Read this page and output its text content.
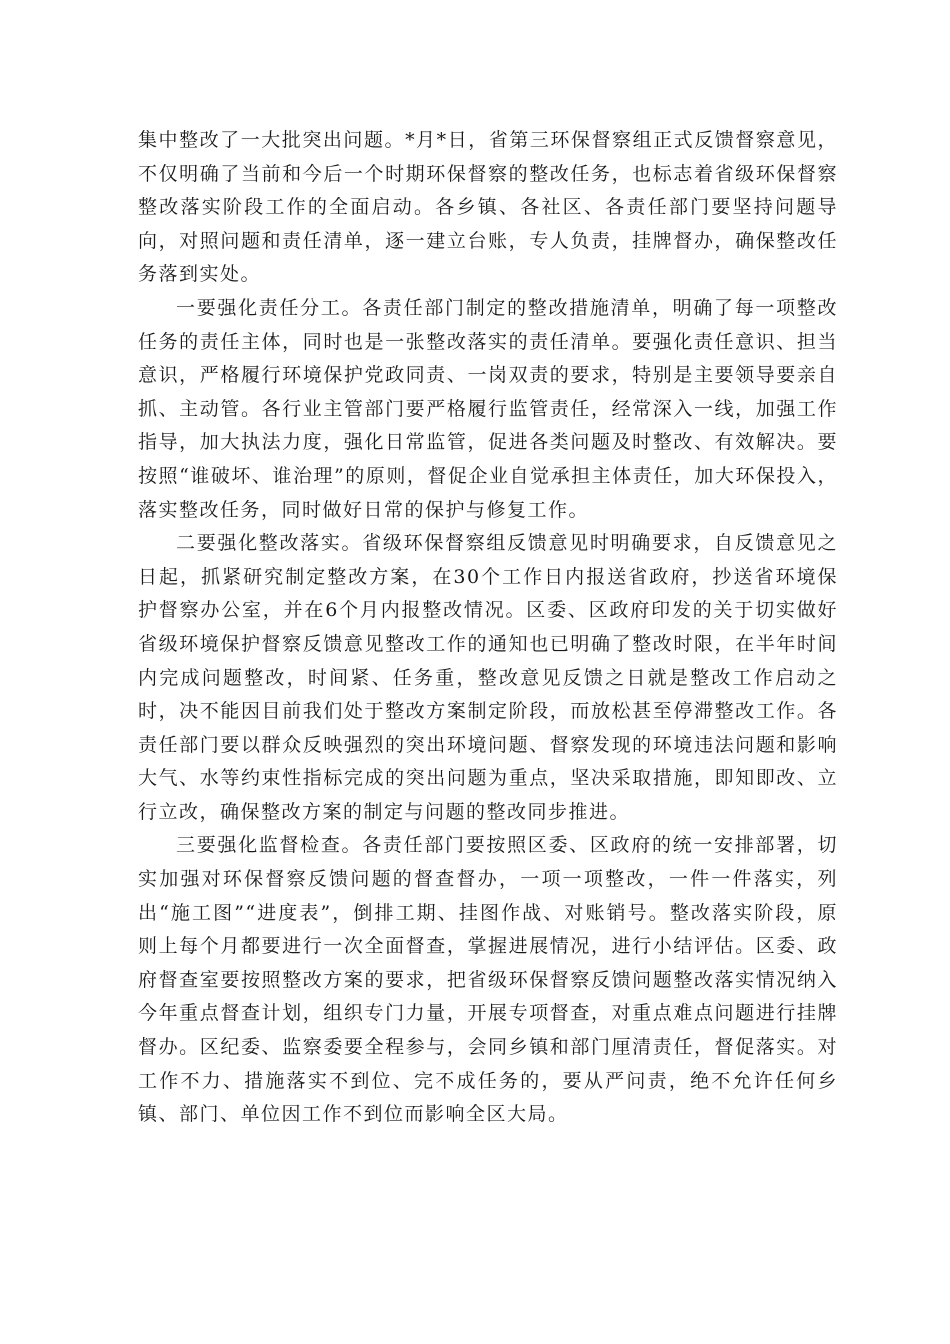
集中整改了一大批突出问题。*月*日，省第三环保督察组正式反馈督察意见，不仅明确了当前和今后一个时期环保督察的整改任务，也标志着省级环保督察整改落实阶段工作的全面启动。各乡镇、各社区、各责任部门要坚持问题导向，对照问题和责任清单，逐一建立台账，专人负责，挂牌督办，确保整改任务落到实处。

一要强化责任分工。各责任部门制定的整改措施清单，明确了每一项整改任务的责任主体，同时也是一张整改落实的责任清单。要强化责任意识、担当意识，严格履行环境保护党政同责、一岗双责的要求，特别是主要领导要亲自抓、主动管。各行业主管部门要严格履行监管责任，经常深入一线，加强工作指导，加大执法力度，强化日常监管，促进各类问题及时整改、有效解决。要按照“谁破坏、谁治理”的原则，督促企业自觉承担主体责任，加大环保投入，落实整改任务，同时做好日常的保护与修复工作。

二要强化整改落实。省级环保督察组反馈意见时明确要求，自反馈意见之日起，抓紧研究制定整改方案，在30个工作日内报送省政府，抄送省环境保护督察办公室，并在6个月内报整改情况。区委、区政府印发的关于切实做好省级环境保护督察反馈意见整改工作的通知也已明确了整改时限，在半年时间内完成问题整改，时间紧、任务重，整改意见反馈之日就是整改工作启动之时，决不能因目前我们处于整改方案制定阶段，而放松甚至停滞整改工作。各责任部门要以群众反映强烈的突出环境问题、督察发现的环境违法问题和影响大气、水等约束性指标完成的突出问题为重点，坚决采取措施，即知即改、立行立改，确保整改方案的制定与问题的整改同步推进。

三要强化监督检查。各责任部门要按照区委、区政府的统一安排部署，切实加强对环保督察反馈问题的督查督办，一项一项整改，一件一件落实，列出“施工图”“进度表”，倒排工期、挂图作战、对账销号。整改落实阶段，原则上每个月都要进行一次全面督查，掌握进展情况，进行小结评估。区委、政府督查室要按照整改方案的要求，把省级环保督察反馈问题整改落实情况纳入今年重点督查计划，组织专门力量，开展专项督查，对重点难点问题进行挂牌督办。区纪委、监察委要全程参与，会同乡镇和部门厘清责任，督促落实。对工作不力、措施落实不到位、完不成任务的，要从严问责，绝不允许任何乡镇、部门、单位因工作不到位而影响全区大局。
